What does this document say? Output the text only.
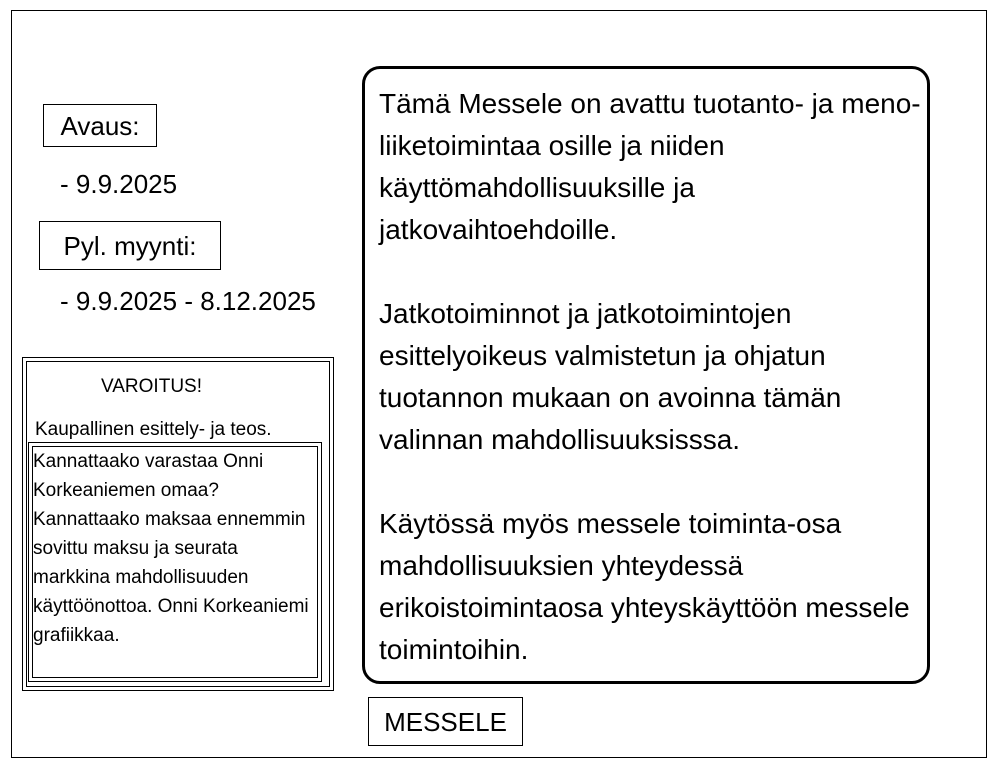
Avaus:
- 9.9.2025
Pyl. myynti:
- 9.9.2025 - 8.12.2025
VAROITUS!
Kaupallinen esittely- ja teos.

Kannattaako varastaa Onni Korkeaniemen omaa? Kannattaako maksaa ennemmin sovittu maksu ja seurata markkina mahdollisuuden käyttöönottoa. Onni Korkeaniemi grafiikkaa.

Tämä Messele on avattu tuotanto- ja meno- liiketoimintaa osille ja niiden käyttömahdollisuuksille ja jatkovaihtoehdoille.

Jatkotoiminnot ja jatkotoimintojen esittelyoikeus valmistetun ja ohjatun tuotannon mukaan on avoinna tämän valinnan mahdollisuuksisssa.

Käytössä myös messele toiminta-osa mahdollisuuksien yhteydessä erikoistoimintaosa yhteyskäyttöön messele toimintoihin.

MESSELE
